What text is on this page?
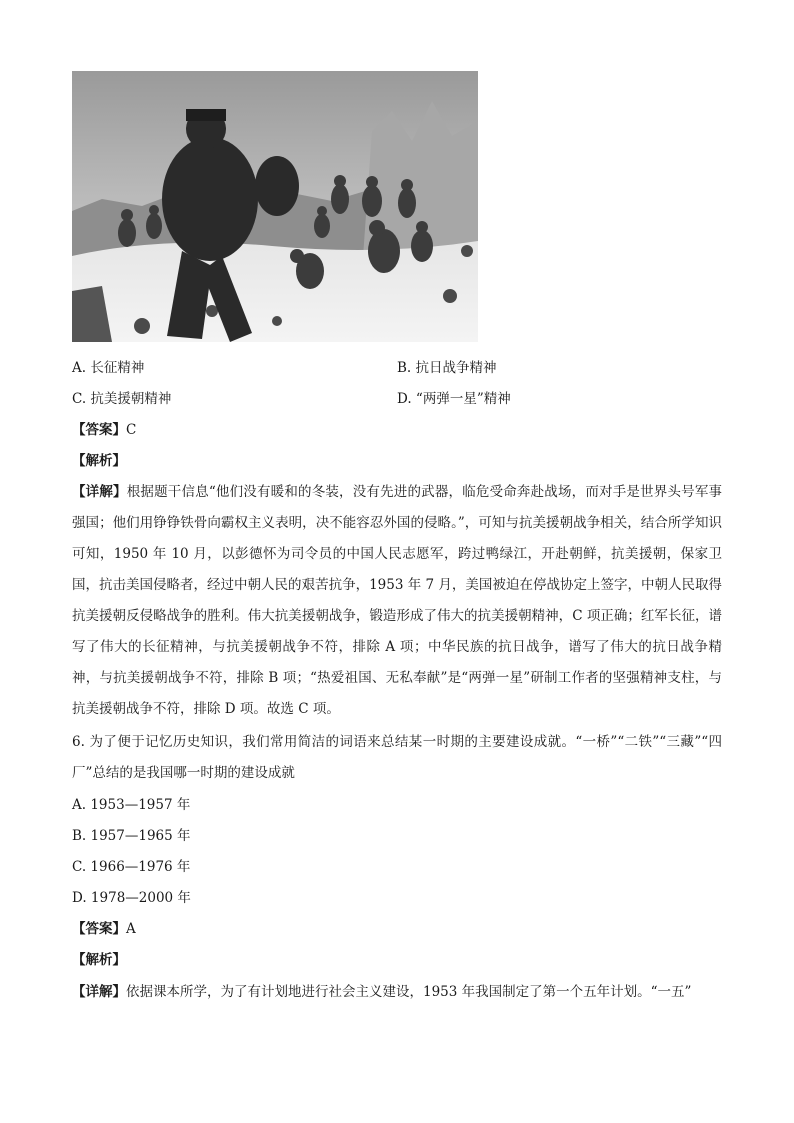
A. 长征精神	B. 抗日战争精神
C. 抗美援朝精神	D. “两弹一星”精神
【答案】C
【解析】
【详解】根据题干信息“他们没有暖和的冬装，没有先进的武器，临危受命奔赴战场，而对手是世界头号军事强国；他们用铮铮铁骨向霸权主义表明，决不能容忍外国的侵略。”，可知与抗美援朝战争相关，结合所学知识可知，1950 年 10 月，以彭德怀为司令员的中国人民志愿军，跨过鸭绿江，开赴朝鲜，抗美援朝，保家卫国，抗击美国侵略者，经过中朝人民的艰苦抗争，1953 年 7 月，美国被迫在停战协定上签字，中朝人民取得抗美援朝反侵略战争的胜利。伟大抗美援朝战争，锻造形成了伟大的抗美援朝精神，C 项正确；红军长征，谱写了伟大的长征精神，与抗美援朝战争不符，排除 A 项；中华民族的抗日战争，谱写了伟大的抗日战争精神，与抗美援朝战争不符，排除 B 项；“热爱祖国、无私奉献”是“两弹一星”研制工作者的坚强精神支柱，与抗美援朝战争不符，排除 D 项。故选 C 项。
6. 为了便于记忆历史知识，我们常用简洁的词语来总结某一时期的主要建设成就。“一桥”“二铁”“三藏”“四厂”总结的是我国哪一时期的建设成就
A. 1953—1957 年
B. 1957—1965 年
C. 1966—1976 年
D. 1978—2000 年
【答案】A
【解析】
【详解】依据课本所学，为了有计划地进行社会主义建设，1953 年我国制定了第一个五年计划。“一五”
